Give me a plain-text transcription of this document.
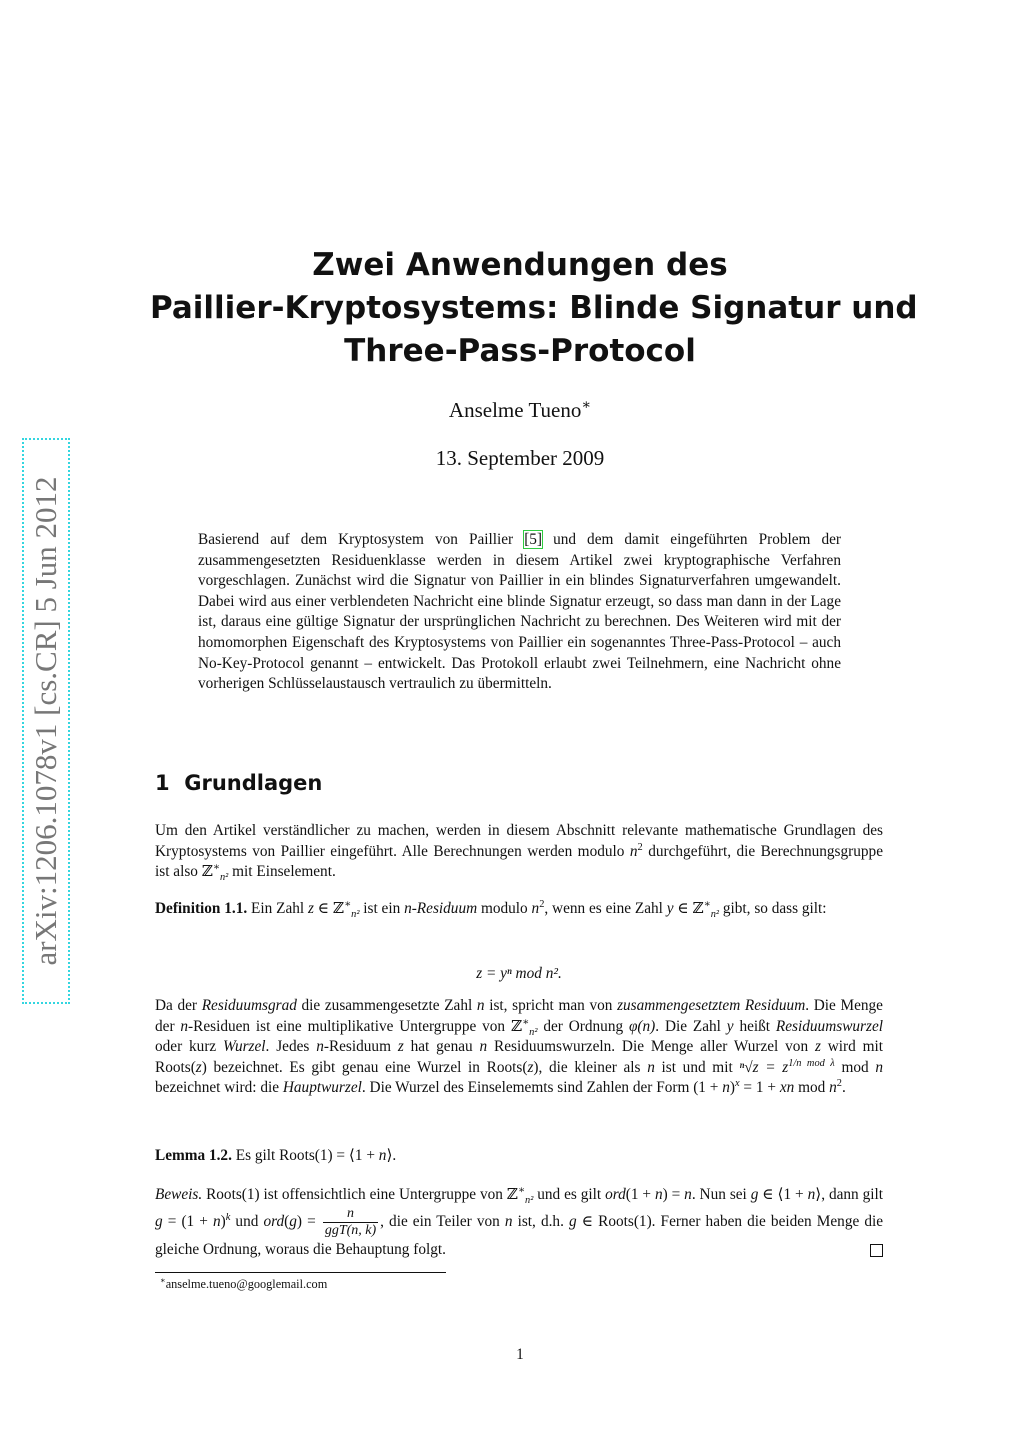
arXiv:1206.1078v1 [cs.CR] 5 Jun 2012
Zwei Anwendungen des
Paillier-Kryptosystems: Blinde Signatur und
Three-Pass-Protocol
Anselme Tueno∗
13. September 2009
Basierend auf dem Kryptosystem von Paillier [5] und dem damit eingeführten Problem der zusammengesetzten Residuenklasse werden in diesem Artikel zwei kryptographische Verfahren vorgeschlagen. Zunächst wird die Signatur von Paillier in ein blindes Signaturverfahren umgewandelt. Dabei wird aus einer verblendeten Nachricht eine blinde Signatur erzeugt, so dass man dann in der Lage ist, daraus eine gültige Signatur der ursprünglichen Nachricht zu berechnen. Des Weiteren wird mit der homomorphen Eigenschaft des Kryptosystems von Paillier ein sogenanntes Three-Pass-Protocol – auch No-Key-Protocol genannt – entwickelt. Das Protokoll erlaubt zwei Teilnehmern, eine Nachricht ohne vorherigen Schlüsselaustausch vertraulich zu übermitteln.
1 Grundlagen
Um den Artikel verständlicher zu machen, werden in diesem Abschnitt relevante mathematische Grundlagen des Kryptosystems von Paillier eingeführt. Alle Berechnungen werden modulo $n^2$ durchgeführt, die Berechnungsgruppe ist also ℤ∗$_{n^2}$ mit Einselement.
Definition 1.1. Ein Zahl z ∈ ℤ∗$_{n^2}$ ist ein n-Residuum modulo $n^2$, wenn es eine Zahl y ∈ ℤ∗$_{n^2}$ gibt, so dass gilt:
z = yⁿ mod n².
Da der Residuumsgrad die zusammengesetzte Zahl n ist, spricht man von zusammengesetztem Residuum. Die Menge der n-Residuen ist eine multiplikative Untergruppe von ℤ∗$_{n^2}$ der Ordnung φ(n). Die Zahl y heißt Residuumswurzel oder kurz Wurzel. Jedes n-Residuum z hat genau n Residuumswurzeln. Die Menge aller Wurzel von z wird mit Roots(z) bezeichnet. Es gibt genau eine Wurzel in Roots(z), die kleiner als n ist und mit $^n√z = z^{1/n mod \lambda}$ mod n bezeichnet wird: die Hauptwurzel. Die Wurzel des Einselememts sind Zahlen der Form $(1 + n)^x = 1$ + xn mod $n^2$.
Lemma 1.2. Es gilt Roots(1) = ⟨1 + n⟩.
Beweis. Roots(1) ist offensichtlich eine Untergruppe von ℤ∗$_{n^2}$ und es gilt ord(1 + n) = n. Nun sei g ∈ ⟨1 + n⟩, dann gilt $g = (1 + n)^k$ und $ord(g) = \frac{n}{\text{ggT(n, k)}}$ , die ein Teiler von n ist, d.h. g ∈ Roots(1). Ferner haben die beiden Menge die gleiche Ordnung, woraus die Behauptung folgt.
∗anselme.tueno@googlemail.com
1
